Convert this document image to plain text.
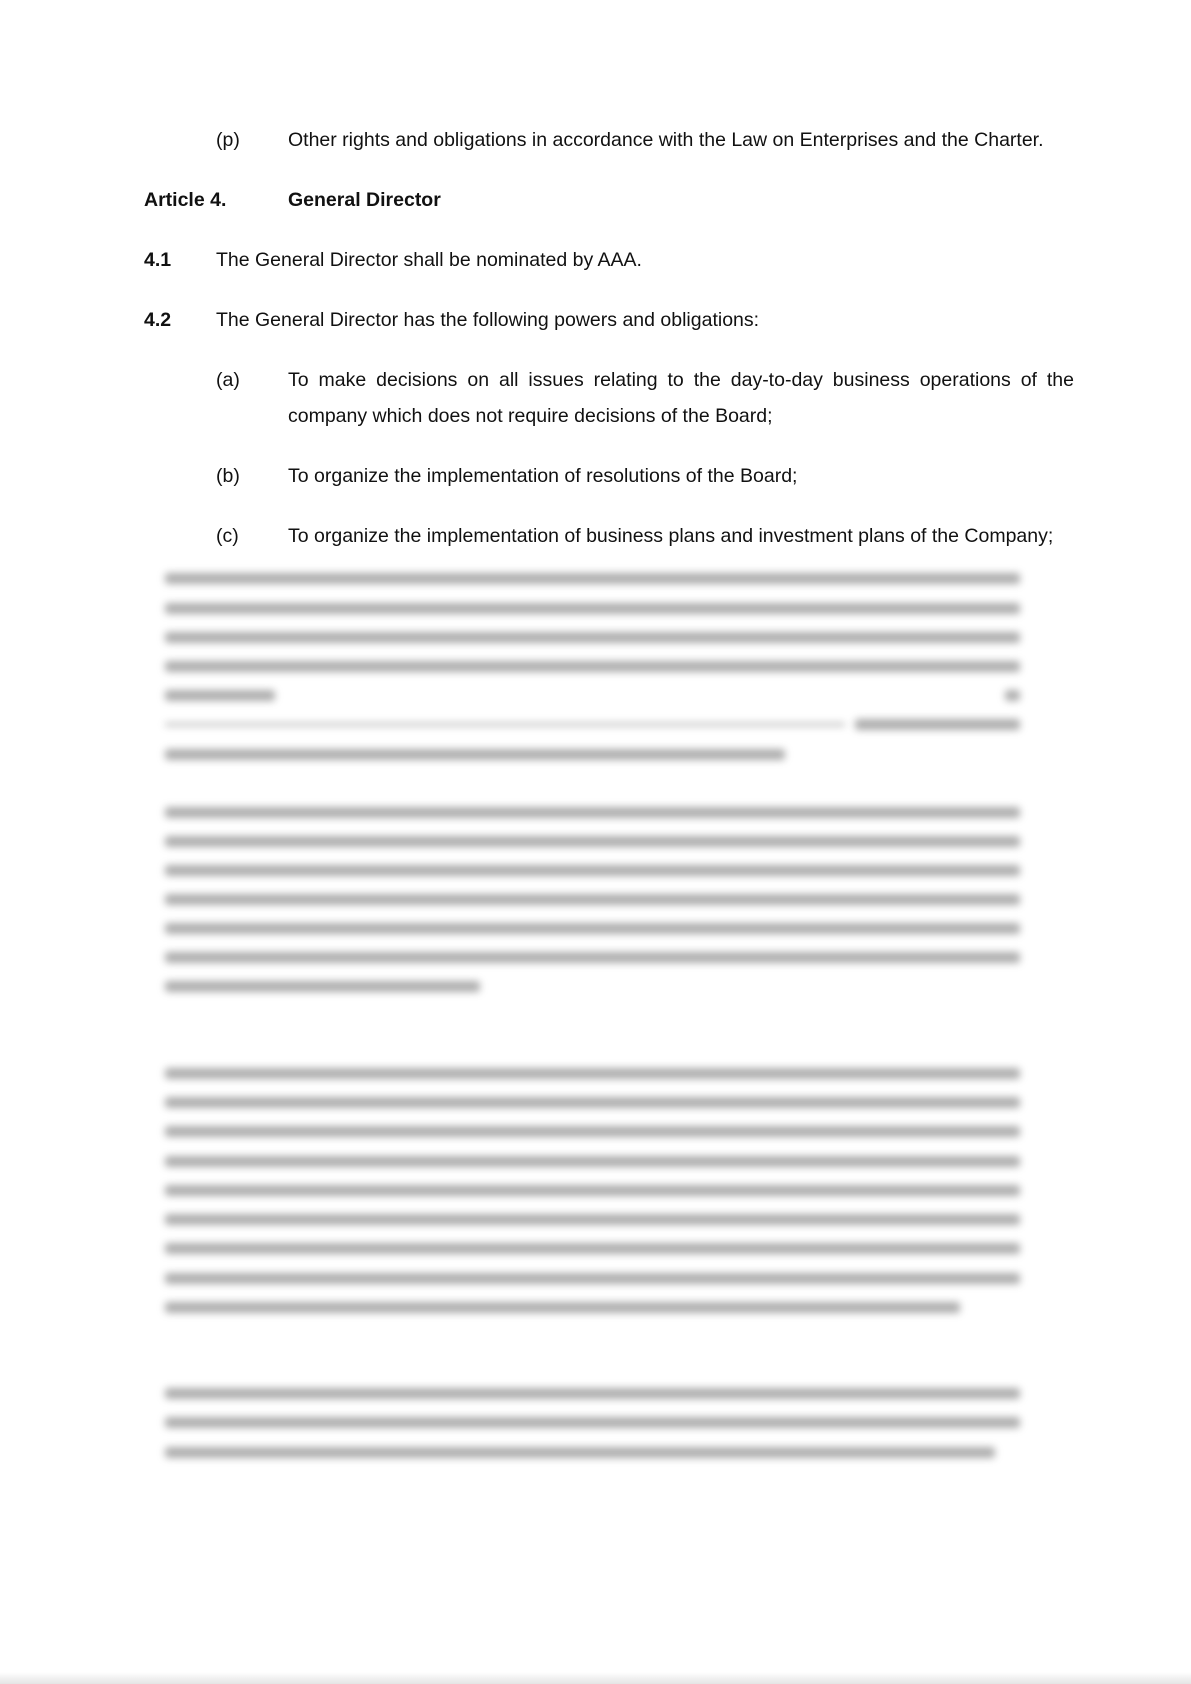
(p) Other rights and obligations in accordance with the Law on Enterprises and the Charter.
Article 4.	General Director
4.1 The General Director shall be nominated by AAA.
4.2 The General Director has the following powers and obligations:
(a) To make decisions on all issues relating to the day-to-day business operations of the company which does not require decisions of the Board;
(b) To organize the implementation of resolutions of the Board;
(c)	To organize the implementation of business plans and investment plans of the Company;
